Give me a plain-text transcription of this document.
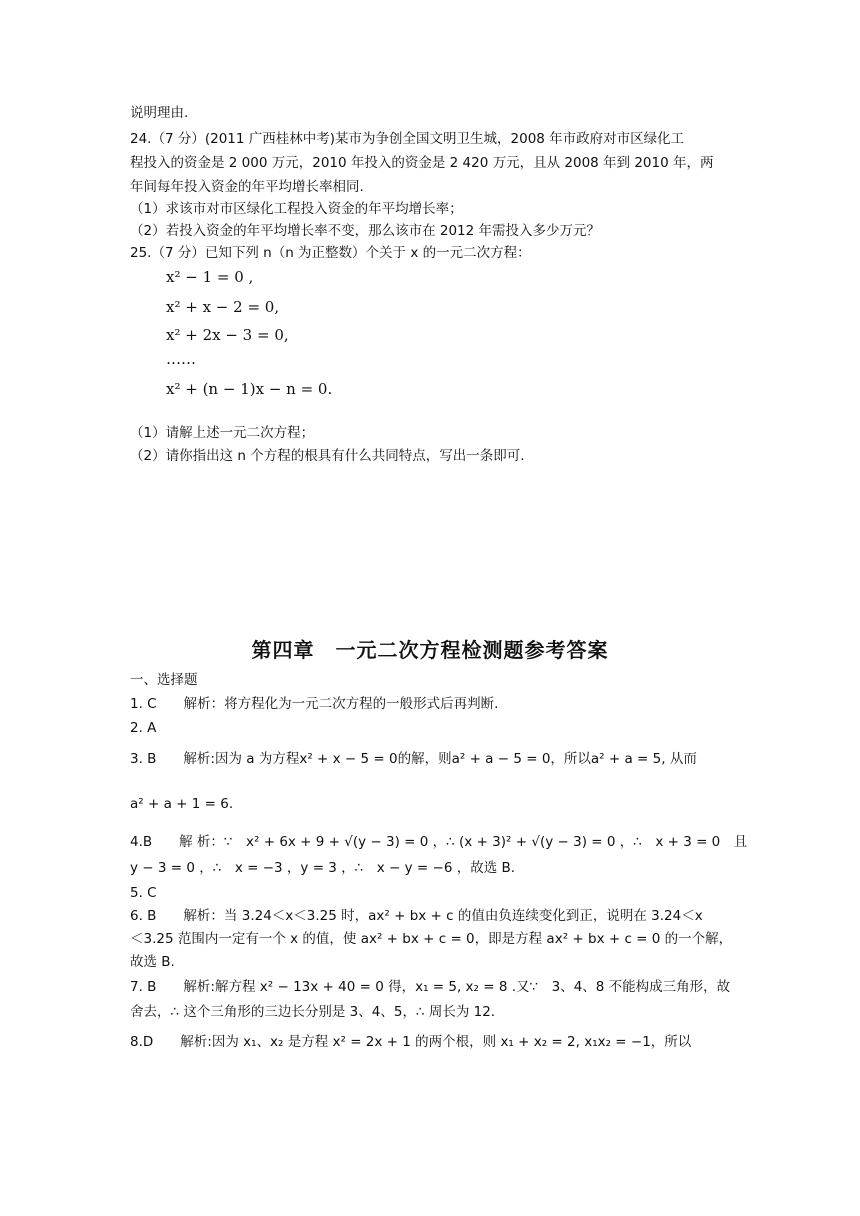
说明理由.
24.（7 分）(2011 广西桂林中考)某市为争创全国文明卫生城，2008 年市政府对市区绿化工
程投入的资金是 2 000 万元，2010 年投入的资金是 2 420 万元，且从 2008 年到 2010 年，两
年间每年投入资金的年平均增长率相同.
（1）求该市对市区绿化工程投入资金的年平均增长率；
（2）若投入资金的年平均增长率不变，那么该市在 2012 年需投入多少万元？
25.（7 分）已知下列 n（n 为正整数）个关于 x 的一元二次方程：
x² − 1 = 0 ,
x² + x − 2 = 0,
x² + 2x − 3 = 0,
……
x² + (n − 1)x − n = 0.
（1）请解上述一元二次方程；
（2）请你指出这 n 个方程的根具有什么共同特点，写出一条即可.
第四章　一元二次方程检测题参考答案
一、选择题
1. C　　解析：将方程化为一元二次方程的一般形式后再判断.
2. A
3. B　　解析:因为 a 为方程x² + x − 5 = 0的解，则a² + a − 5 = 0，所以a² + a = 5, 从而
a² + a + 1 = 6.
4.B　　解 析：∵　x² + 6x + 9 + √(y − 3) = 0 ，∴ (x + 3)² + √(y − 3) = 0 ，∴　x + 3 = 0　且
y − 3 = 0 ，∴　x = −3 ，y = 3 ，∴　x − y = −6 ，故选 B.
5. C
6. B　　解析：当 3.24＜x＜3.25 时，ax² + bx + c 的值由负连续变化到正，说明在 3.24＜x
＜3.25 范围内一定有一个 x 的值，使 ax² + bx + c = 0，即是方程 ax² + bx + c = 0 的一个解，
故选 B.
7. B　　解析:解方程 x² − 13x + 40 = 0 得，x₁ = 5, x₂ = 8 .又∵　3、4、8 不能构成三角形，故
舍去，∴ 这个三角形的三边长分别是 3、4、5，∴ 周长为 12.
8.D　　解析:因为 x₁、x₂ 是方程 x² = 2x + 1 的两个根，则 x₁ + x₂ = 2, x₁x₂ = −1，所以
